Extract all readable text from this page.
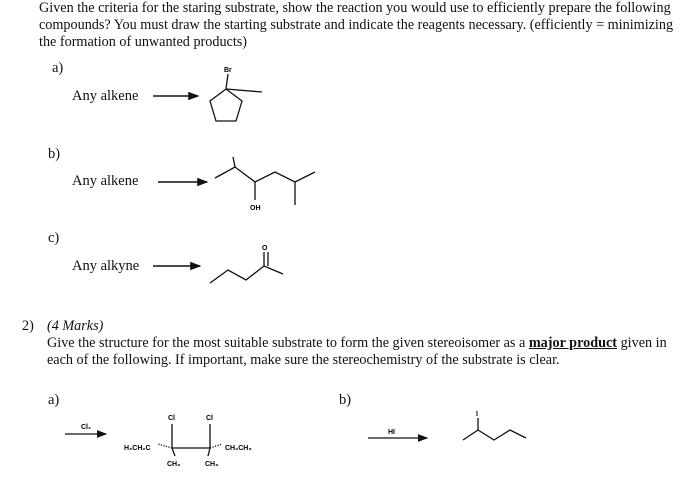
Given the criteria for the staring substrate, show the reaction you would use to efficiently prepare the following compounds? You must draw the starting substrate and indicate the reagents necessary. (efficiently = minimizing the formation of unwanted products)
a)
Any alkene
b)
Any alkene
c)
Any alkyne
2) (4 Marks)
Give the structure for the most suitable substrate to form the given stereoisomer as a major product given in each of the following. If important, make sure the stereochemistry of the substrate is clear.
a)	b)
Br
OH
O
Cl₂
Cl	Cl
H₃CH₂C
CH₃	CH₃
CH₂CH₃
HI
I
